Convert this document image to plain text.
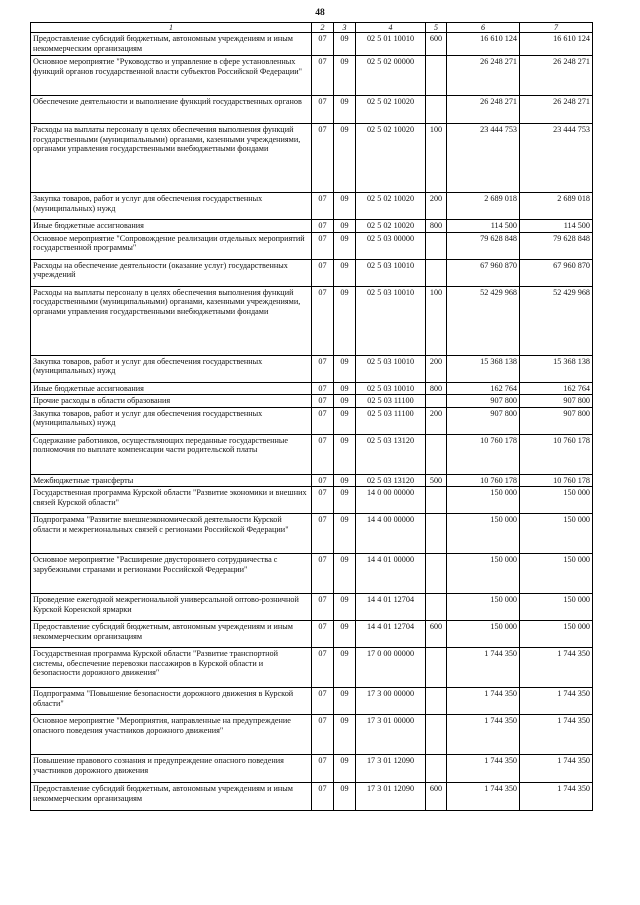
48
1	2	3	4	5	6	7
Предоставление субсидий бюджетным, автономным учреждениям и иным некоммерческим организациям	07	09	02 5 01 10010	600	16 610 124	16 610 124
Основное мероприятие "Руководство и управление в сфере установленных функций органов государственной власти субъектов Российской Федерации"	07	09	02 5 02 00000		26 248 271	26 248 271
Обеспечение деятельности и выполнение функций государственных органов	07	09	02 5 02 10020		26 248 271	26 248 271
Расходы на выплаты персоналу в целях обеспечения выполнения функций государственными (муниципальными) органами, казенными учреждениями, органами управления государственными внебюджетными фондами	07	09	02 5 02 10020	100	23 444 753	23 444 753
Закупка товаров, работ и услуг для обеспечения государственных (муниципальных) нужд	07	09	02 5 02 10020	200	2 689 018	2 689 018
Иные бюджетные ассигнования	07	09	02 5 02 10020	800	114 500	114 500
Основное мероприятие "Сопровождение реализации отдельных мероприятий государственной программы"	07	09	02 5 03 00000		79 628 848	79 628 848
Расходы на обеспечение деятельности (оказание услуг) государственных учреждений	07	09	02 5 03 10010		67 960 870	67 960 870
Расходы на выплаты персоналу в целях обеспечения выполнения функций государственными (муниципальными) органами, казенными учреждениями, органами управления государственными внебюджетными фондами	07	09	02 5 03 10010	100	52 429 968	52 429 968
Закупка товаров, работ и услуг для обеспечения государственных (муниципальных) нужд	07	09	02 5 03 10010	200	15 368 138	15 368 138
Иные бюджетные ассигнования	07	09	02 5 03 10010	800	162 764	162 764
Прочие расходы в области образования	07	09	02 5 03 11100		907 800	907 800
Закупка товаров, работ и услуг для обеспечения государственных (муниципальных) нужд	07	09	02 5 03 11100	200	907 800	907 800
Содержание работников, осуществляющих переданные государственные полномочия по выплате компенсации части родительской платы	07	09	02 5 03 13120		10 760 178	10 760 178
Межбюджетные трансферты	07	09	02 5 03 13120	500	10 760 178	10 760 178
Государственная программа Курской области "Развитие экономики и внешних связей Курской области"	07	09	14 0 00 00000		150 000	150 000
Подпрограмма "Развитие внешнеэкономической деятельности Курской области и межрегиональных связей с регионами Российской Федерации"	07	09	14 4 00 00000		150 000	150 000
Основное мероприятие "Расширение двустороннего сотрудничества с зарубежными странами и регионами Российской Федерации"	07	09	14 4 01 00000		150 000	150 000
Проведение ежегодной межрегиональной универсальной оптово-розничной Курской Коренской ярмарки	07	09	14 4 01 12704		150 000	150 000
Предоставление субсидий бюджетным, автономным учреждениям и иным некоммерческим организациям	07	09	14 4 01 12704	600	150 000	150 000
Государственная программа Курской области "Развитие транспортной системы, обеспечение перевозки пассажиров в Курской области и безопасности дорожного движения"	07	09	17 0 00 00000		1 744 350	1 744 350
Подпрограмма "Повышение безопасности дорожного движения в Курской области"	07	09	17 3 00 00000		1 744 350	1 744 350
Основное мероприятие "Мероприятия, направленные на предупреждение опасного поведения участников дорожного движения"	07	09	17 3 01 00000		1 744 350	1 744 350
Повышение правового сознания и предупреждение опасного поведения участников дорожного движения	07	09	17 3 01 12090		1 744 350	1 744 350
Предоставление субсидий бюджетным, автономным учреждениям и иным некоммерческим организациям	07	09	17 3 01 12090	600	1 744 350	1 744 350
